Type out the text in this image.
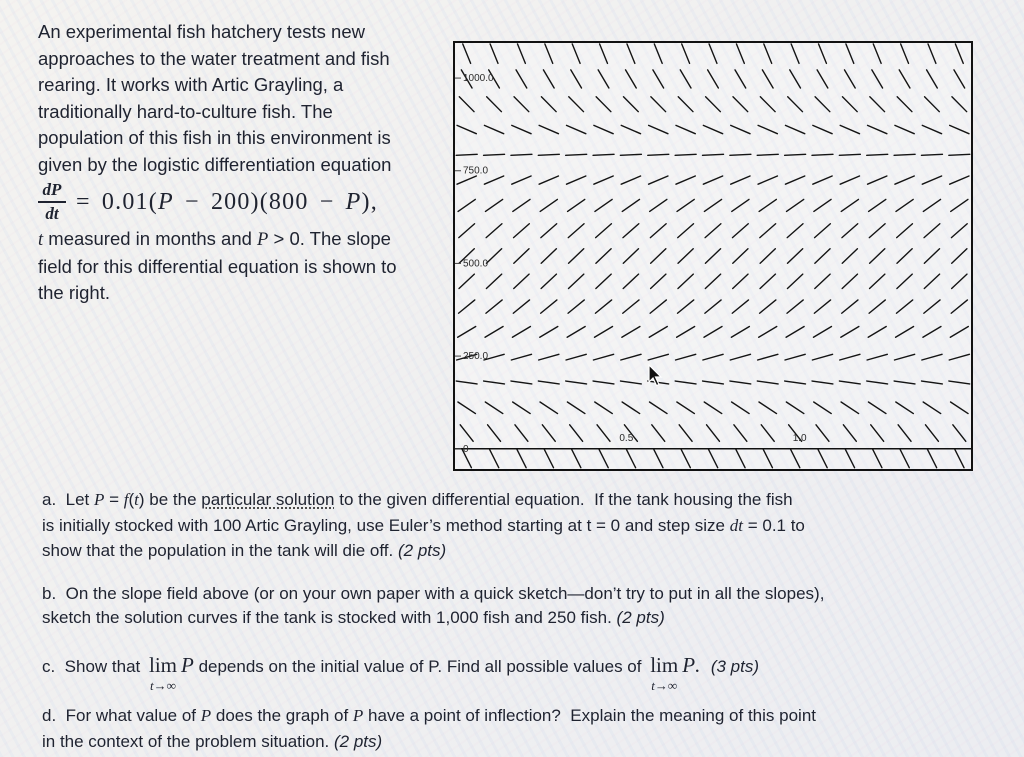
An experimental fish hatchery tests new
approaches to the water treatment and fish
rearing. It works with Artic Grayling, a
traditionally hard-to-culture fish. The
population of this fish in this environment is
given by the logistic differentiation equation
$\frac{dP}{dt} = 0.01$( P − 200)(800 − P ),
t measured in months and P > 0. The slope
field for this differential equation is shown to
the right.
1000.0
750.0
500.0
250.0
0
0.5	1.0
a.  Let P = f ( t ) be the particular solution to the given differential equation.  If the tank housing the fish
is initially stocked with 100 Artic Grayling, use Euler’s method starting at t = 0 and step size dt = 0.1 to
show that the population in the tank will die off. (2 pts)
b.  On the slope field above (or on your own paper with a quick sketch—don’t try to put in all the slopes),
sketch the solution curves if the tank is stocked with 1,000 fish and 250 fish. (2 pts)
c.  Show that lim
t→∞
P depends on the initial value of P. Find all possible values of lim
t→∞
P . (3 pts)
d.  For what value of P does the graph of P have a point of inflection?  Explain the meaning of this point
in the context of the problem situation. (2 pts)
